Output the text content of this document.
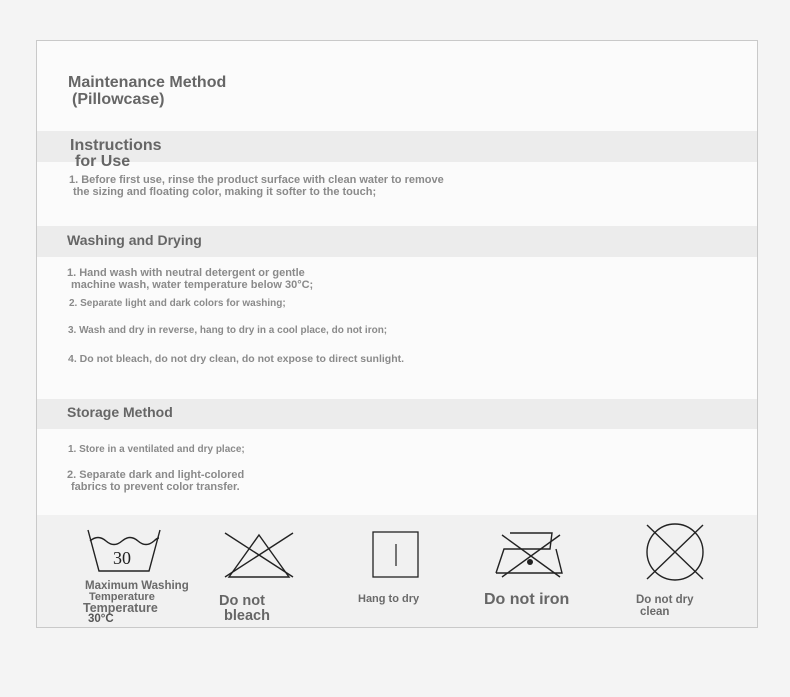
Maintenance Method
(Pillowcase)
Instructions
for Use
1. Before first use, rinse the product surface with clean water to remove
the sizing and floating color, making it softer to the touch;
Washing and Drying
1. Hand wash with neutral detergent or gentle
machine wash, water temperature below 30°C;
2. Separate light and dark colors for washing;
3. Wash and dry in reverse, hang to dry in a cool place, do not iron;
4. Do not bleach, do not dry clean, do not expose to direct sunlight.
Storage Method
1. Store in a ventilated and dry place;
2. Separate dark and light-colored
fabrics to prevent color transfer.
30
Maximum Washing
Temperature
Temperature
30°C
Do not
bleach
Hang to dry	Do not iron	Do not dry
clean
